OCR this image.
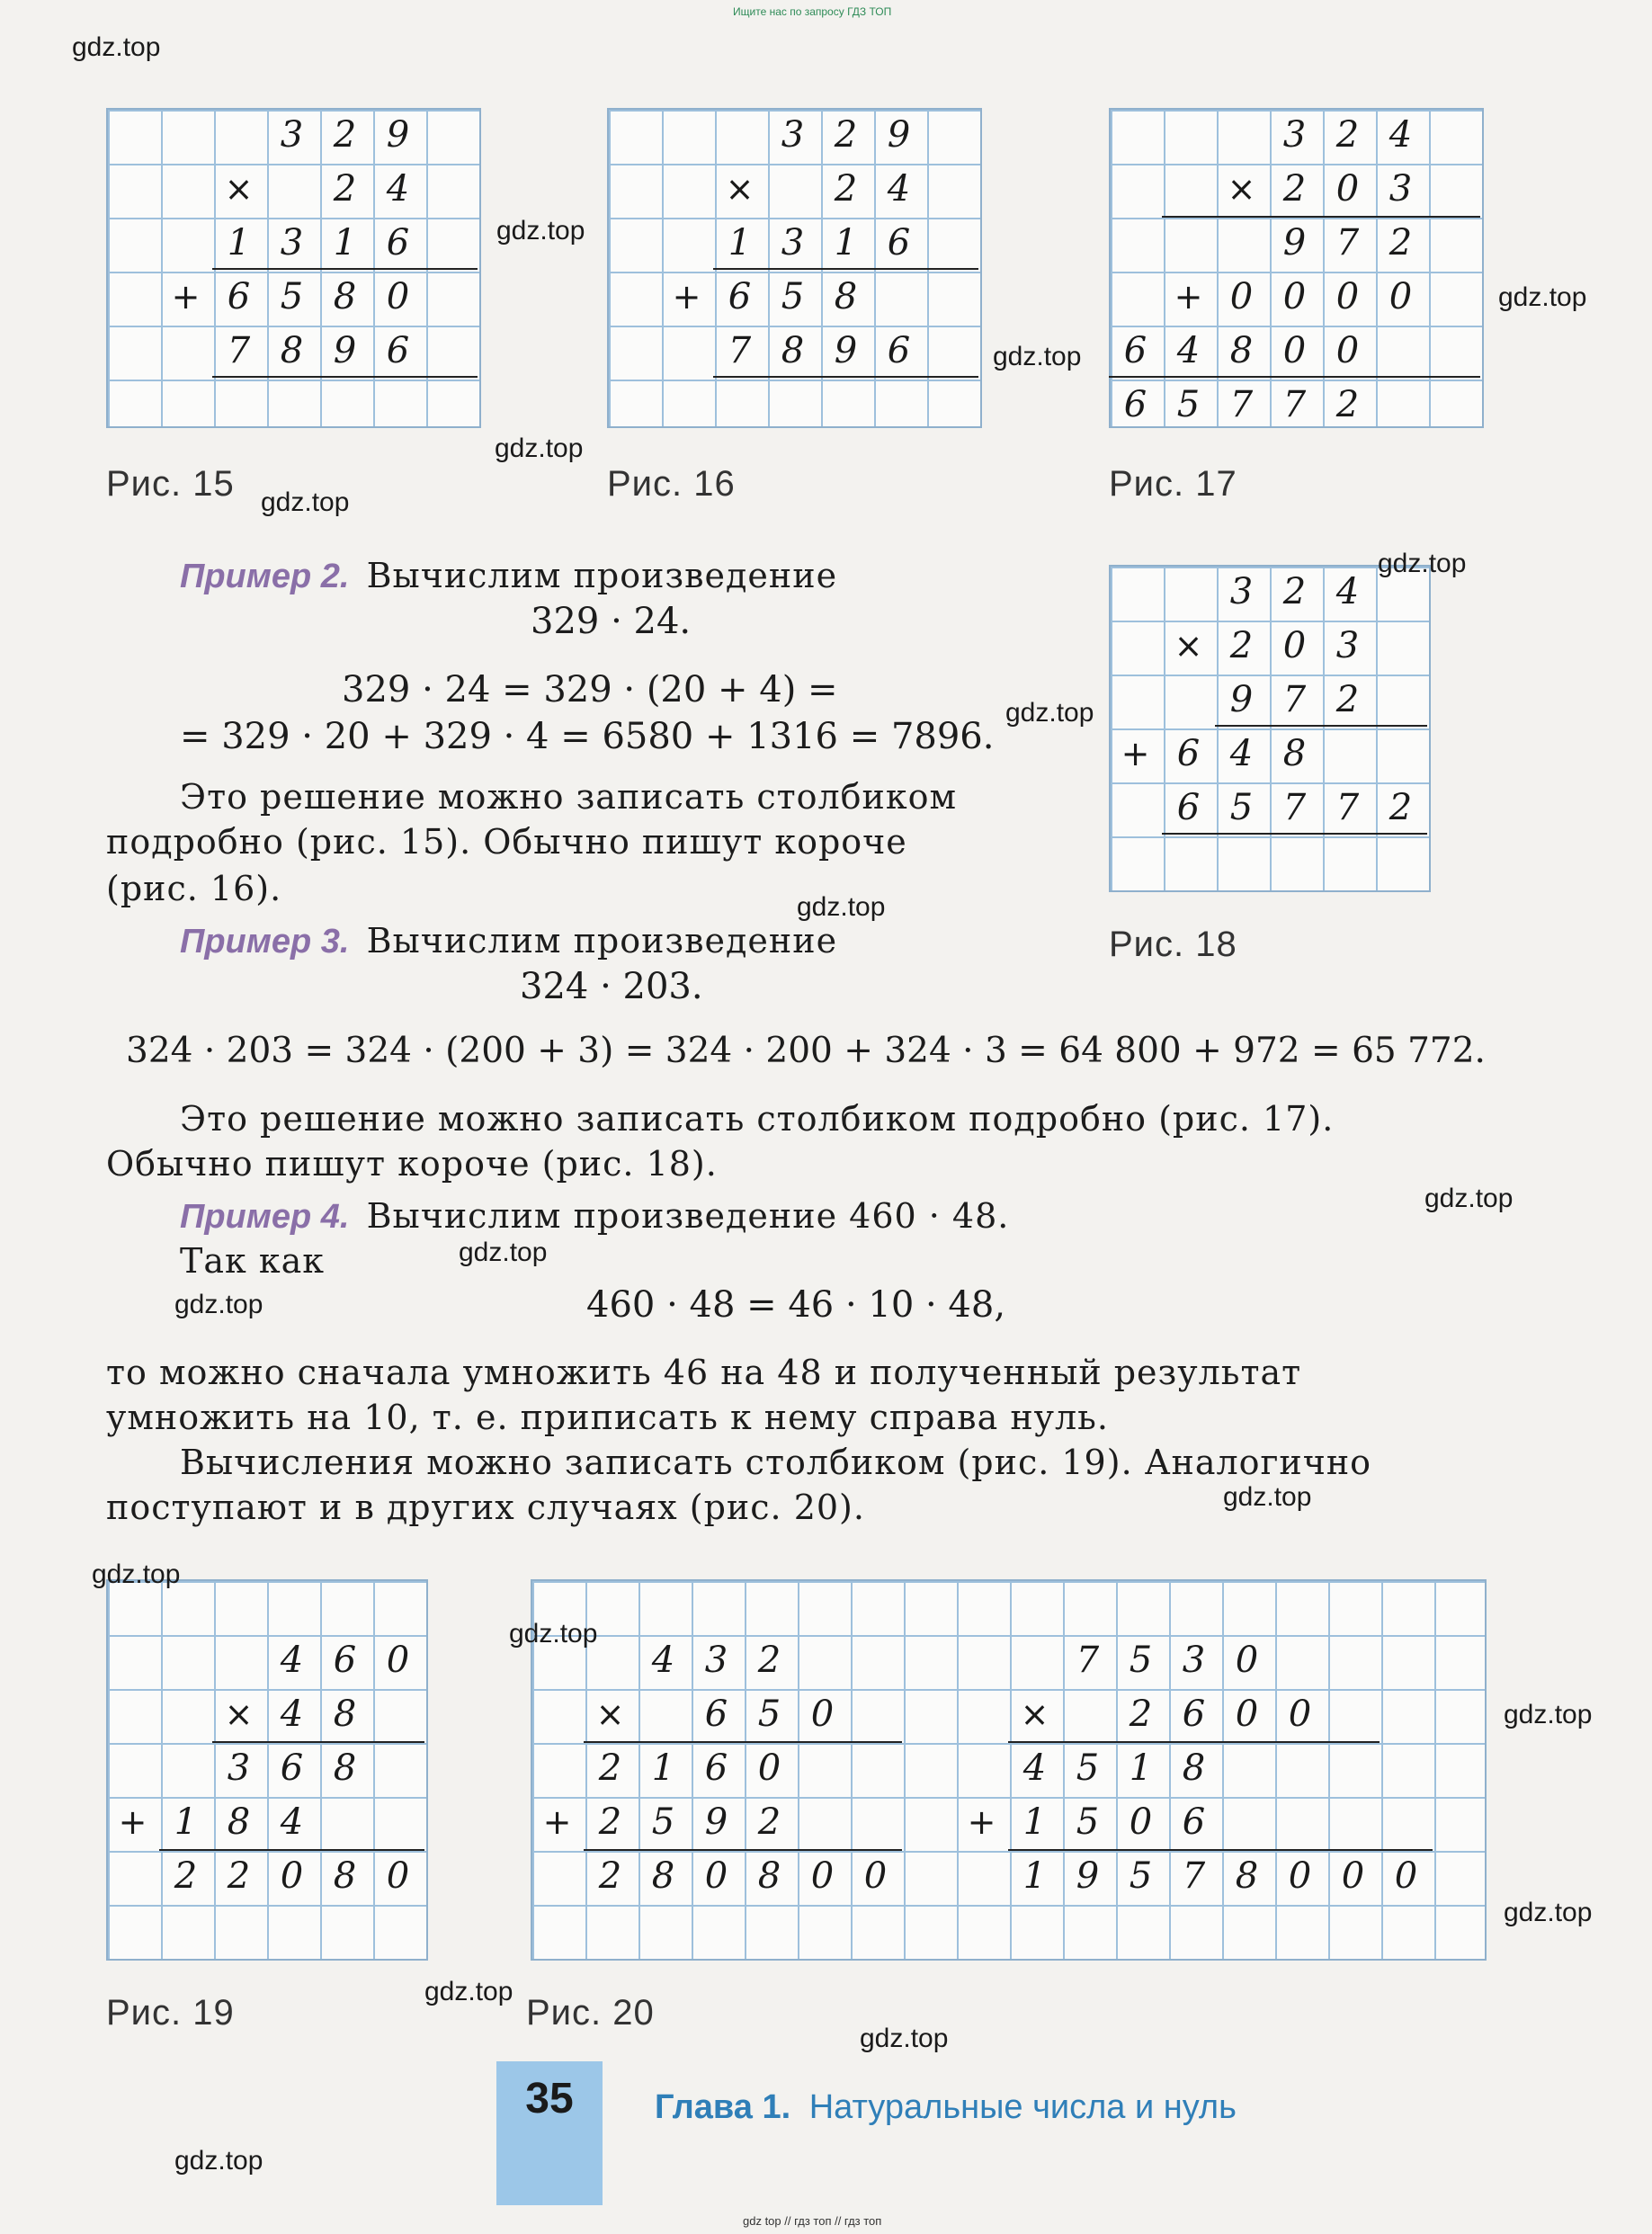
Ищите нас по запросу ГДЗ ТОП
3 2 9
×	2 4
1 3 1 6
+ 6 5 8 0
7 8 9 6
Рис. 15
3 2 9
×	2 4
1 3 1 6
+ 6 5 8
7 8 9 6
Рис. 16
3 2 4
× 2 0 3
9 7 2
+ 0 0 0 0
6 4 8 0 0
6 5 7 7 2
Рис. 17
3 2 4
× 2 0 3
9 7 2
+ 6 4 8
6 5 7 7 2
Рис. 18
Пример 2. Вычислим произведение
329 · 24.
329 · 24 = 329 · (20 + 4) =
= 329 · 20 + 329 · 4 = 6580 + 1316 = 7896.
Это решение можно записать столбиком
подробно (рис. 15). Обычно пишут короче
(рис. 16).
Пример 3. Вычислим произведение
324 · 203.
324 · 203 = 324 · (200 + 3) = 324 · 200 + 324 · 3 = 64 800 + 972 = 65 772.
Это решение можно записать столбиком подробно (рис. 17).
Обычно пишут короче (рис. 18).
Пример 4. Вычислим произведение 460 · 48.
Так как
460 · 48 = 46 · 10 · 48,
то можно сначала умножить 46 на 48 и полученный результат
умножить на 10, т. е. приписать к нему справа нуль.
Вычисления можно записать столбиком (рис. 19). Аналогично
поступают и в других случаях (рис. 20).
4 6 0
× 4 8
3 6 8
+ 1 8 4
2 2 0 8 0
Рис. 19
4 3 2
×	6 5 0
2 1 6 0
+ 2 5 9 2
2 8 0 8 0 0
7 5 3 0
×	2 6 0 0
4 5 1 8
+ 1 5 0 6
1 9 5 7 8 0 0 0
Рис. 20
gdz.top
gdz.top
gdz.top
gdz.top
gdz.top
gdz.top
gdz.top
gdz.top
gdz.top
gdz.top
gdz.top
gdz.top
gdz.top
gdz.top
gdz.top
gdz.top
gdz.top
gdz.top
gdz.top
gdz.top
35	Глава 1. Натуральные числа и нуль
gdz top // гдз топ // гдз топ
